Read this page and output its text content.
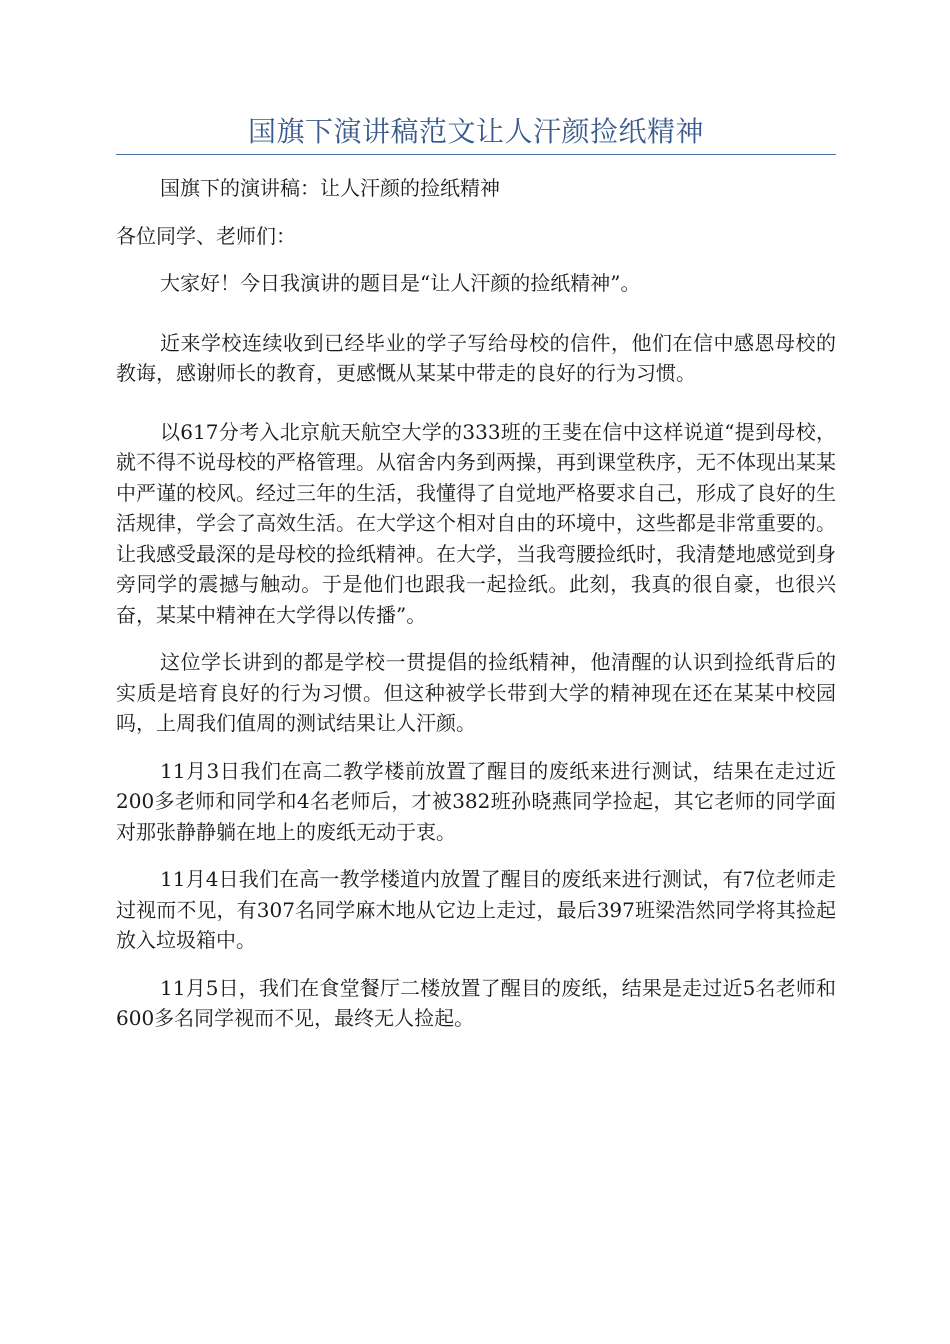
国旗下演讲稿范文让人汗颜捡纸精神

国旗下的演讲稿：让人汗颜的捡纸精神

各位同学、老师们：

大家好！今日我演讲的题目是“让人汗颜的捡纸精神”。

近来学校连续收到已经毕业的学子写给母校的信件，他们在信中感恩母校的教诲，感谢师长的教育，更感慨从某某中带走的良好的行为习惯。

以617分考入北京航天航空大学的333班的王斐在信中这样说道“提到母校，就不得不说母校的严格管理。从宿舍内务到两操，再到课堂秩序，无不体现出某某中严谨的校风。经过三年的生活，我懂得了自觉地严格要求自己，形成了良好的生活规律，学会了高效生活。在大学这个相对自由的环境中，这些都是非常重要的。让我感受最深的是母校的捡纸精神。在大学，当我弯腰捡纸时，我清楚地感觉到身旁同学的震撼与触动。于是他们也跟我一起捡纸。此刻，我真的很自豪，也很兴奋，某某中精神在大学得以传播”。

这位学长讲到的都是学校一贯提倡的捡纸精神，他清醒的认识到捡纸背后的实质是培育良好的行为习惯。但这种被学长带到大学的精神现在还在某某中校园吗，上周我们值周的测试结果让人汗颜。

11月3日我们在高二教学楼前放置了醒目的废纸来进行测试，结果在走过近200多老师和同学和4名老师后，才被382班孙晓燕同学捡起，其它老师的同学面对那张静静躺在地上的废纸无动于衷。

11月4日我们在高一教学楼道内放置了醒目的废纸来进行测试，有7位老师走过视而不见，有307名同学麻木地从它边上走过，最后397班梁浩然同学将其捡起放入垃圾箱中。

11月5日，我们在食堂餐厅二楼放置了醒目的废纸，结果是走过近5名老师和600多名同学视而不见，最终无人捡起。
